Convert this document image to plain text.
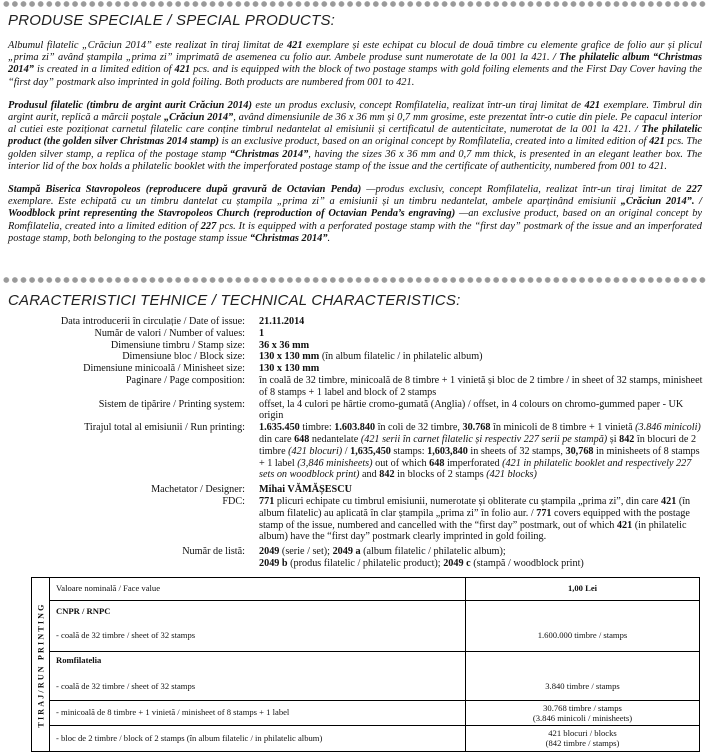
PRODUSE SPECIALE / SPECIAL PRODUCTS:

Albumul filatelic „Crăciun 2014” este realizat în tiraj limitat de 421 exemplare și este echipat cu blocul de două timbre cu elemente grafice de folio aur și plicul „prima zi” având ștampila „prima zi” imprimată de asemenea cu folio aur. Ambele produse sunt numerotate de la 001 la 421. / The philatelic album “Christmas 2014” is created in a limited edition of 421 pcs. and is equipped with the block of two postage stamps with gold foiling elements and the First Day Cover having the “first day” postmark also imprinted in gold foiling. Both products are numbered from 001 to 421.

Produsul filatelic (timbru de argint aurit Crăciun 2014) este un produs exclusiv, concept Romfilatelia, realizat într-un tiraj limitat de 421 exemplare. Timbrul din argint aurit, replică a mărcii poștale „Crăciun 2014”, având dimensiunile de 36 x 36 mm și 0,7 mm grosime, este prezentat într-o cutie din piele. Pe capacul interior al cutiei este poziționat carnetul filatelic care conține timbrul nedantelat al emisiunii și certificatul de autenticitate, numerotat de la 001 la 421. / The philatelic product (the golden silver Christmas 2014 stamp) is an exclusive product, based on an original concept by Romfilatelia, created into a limited edition of 421 pcs. The golden silver stamp, a replica of the postage stamp “Christmas 2014”, having the sizes 36 x 36 mm and 0,7 mm thick, is presented in an elegant leather box. The interior lid of the box holds a philatelic booklet with the imperforated postage stamp of the issue and the certificate of authenticity, numbered from 001 to 421.

Stampă Biserica Stavropoleos (reproducere după gravură de Octavian Penda) —produs exclusiv, concept Romfilatelia, realizat într-un tiraj limitat de 227 exemplare. Este echipată cu un timbru dantelat cu ștampila „prima zi” a emisiunii și un timbru nedantelat, ambele aparținând emisiunii „Crăciun 2014”. / Woodblock print representing the Stavropoleos Church (reproduction of Octavian Penda’s engraving) —an exclusive product, based on an original concept by Romfilatelia, created into a limited edition of 227 pcs. It is equipped with a perforated postage stamp with the “first day” postmark of the issue and an imperforated postage stamp, both belonging to the postage stamp issue “Christmas 2014”.

CARACTERISTICI TEHNICE / TECHNICAL CHARACTERISTICS:
Data introducerii în circulație / Date of issue:	21.11.2014
Număr de valori / Number of values:	1
Dimensiune timbru / Stamp size:	36 x 36 mm
Dimensiune bloc / Block size:	130 x 130 mm (în album filatelic / in philatelic album)
Dimensiune minicoală / Minisheet size:	130 x 130 mm
Paginare / Page composition:	în coală de 32 timbre, minicoală de 8 timbre + 1 vinietă și bloc de 2 timbre / in sheet of 32 stamps, minisheet of 8 stamps + 1 label and block of 2 stamps
Sistem de tipărire / Printing system:	offset, la 4 culori pe hârtie cromo-gumată (Anglia) / offset, in 4 colours on chromo-gummed paper - UK origin
Tirajul total al emisiunii / Run printing:	1.635.450 timbre: 1.603.840 în coli de 32 timbre, 30.768 în minicoli de 8 timbre + 1 vinietă (3.846 minicoli) din care 648 nedantelate (421 serii în carnet filatelic și respectiv 227 serii pe stampă) și 842 în blocuri de 2 timbre (421 blocuri) / 1,635,450 stamps: 1,603,840 in sheets of 32 stamps, 30,768 in minisheets of 8 stamps + 1 label (3,846 minisheets) out of which 648 imperforated (421 in philatelic booklet and respectively 227 sets on woodblock print) and 842 in blocks of 2 stamps (421 blocks)
Machetator / Designer:	Mihai VĂMĂȘESCU
FDC:	771 plicuri echipate cu timbrul emisiunii, numerotate și obliterate cu ștampila „prima zi”, din care 421 (în album filatelic) au aplicată în clar ștampila „prima zi” în folio aur. / 771 covers equipped with the postage stamp of the issue, numbered and cancelled with the “first day” postmark, out of which 421 (in philatelic album) have the “first day” postmark clearly imprinted in gold foiling.
Număr de listă:	2049 (serie / set); 2049 a (album filatelic / philatelic album);
2049 b (produs filatelic / philatelic product); 2049 c (stampă / woodblock print)
TIRAJ/RUN PRINTING
Valoare nominală / Face value	1,00 Lei
CNPR / RNPC
- coală de 32 timbre / sheet of 32 stamps	1.600.000 timbre / stamps
Romfilatelia
- coală de 32 timbre / sheet of 32 stamps	3.840 timbre / stamps
- minicoală de 8 timbre + 1 vinietă / minisheet of 8 stamps + 1 label	30.768 timbre / stamps
(3.846 minicoli / minisheets)
- bloc de 2 timbre / block of 2 stamps (în album filatelic / in philatelic album)	421 blocuri / blocks
(842 timbre / stamps)
